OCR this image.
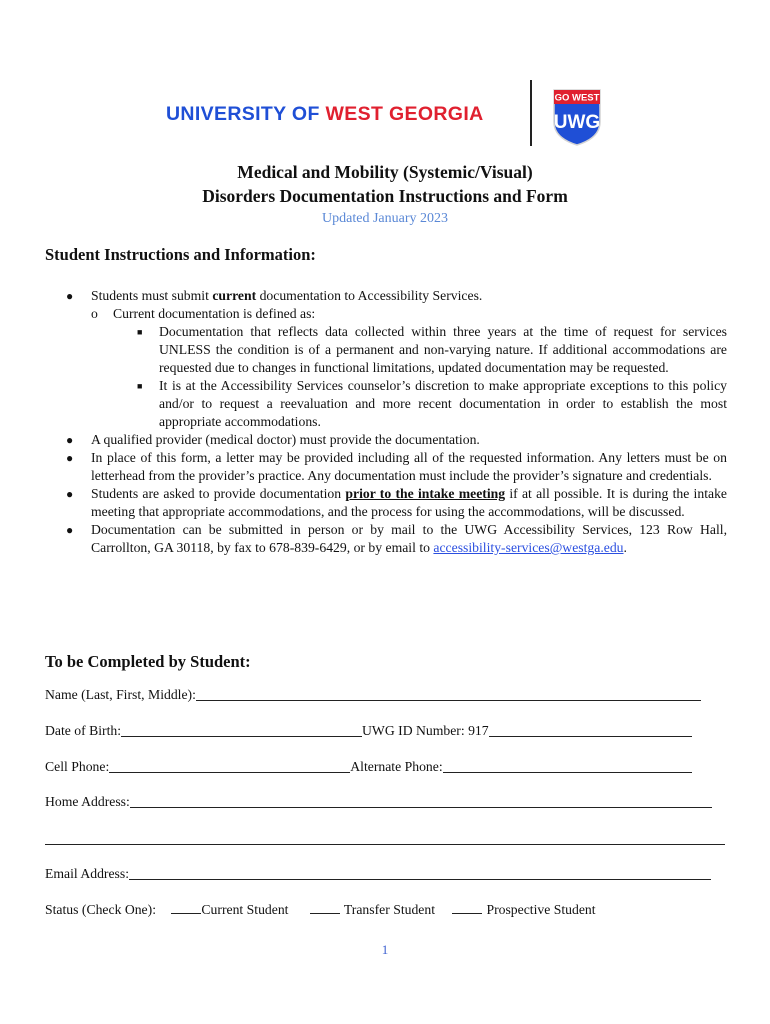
UNIVERSITY OF WEST GEORGIA
GO WEST
UWG
Medical and Mobility (Systemic/Visual)
Disorders Documentation Instructions and Form
Updated January 2023
Student Instructions and Information:
● Students must submit current documentation to Accessibility Services.
o Current documentation is defined as:
■ Documentation that reflects data collected within three years at the time of request for services UNLESS the condition is of a permanent and non-varying nature. If additional accommodations are requested due to changes in functional limitations, updated documentation may be requested.
■ It is at the Accessibility Services counselor’s discretion to make appropriate exceptions to this policy and/or to request a reevaluation and more recent documentation in order to establish the most appropriate accommodations.
● A qualified provider (medical doctor) must provide the documentation.
● In place of this form, a letter may be provided including all of the requested information. Any letters must be on letterhead from the provider’s practice. Any documentation must include the provider’s signature and credentials.
● Students are asked to provide documentation prior to the intake meeting if at all possible. It is during the intake meeting that appropriate accommodations, and the process for using the accommodations, will be discussed.
● Documentation can be submitted in person or by mail to the UWG Accessibility Services, 123 Row Hall, Carrollton, GA 30118, by fax to 678-839-6429, or by email to accessibility-services@westga.edu.
To be Completed by Student:
Name (Last, First, Middle):
Date of Birth:	UWG ID Number: 917
Cell Phone:	Alternate Phone:
Home Address:
Email Address:
Status (Check One):	Current Student	Transfer Student	Prospective Student
1
